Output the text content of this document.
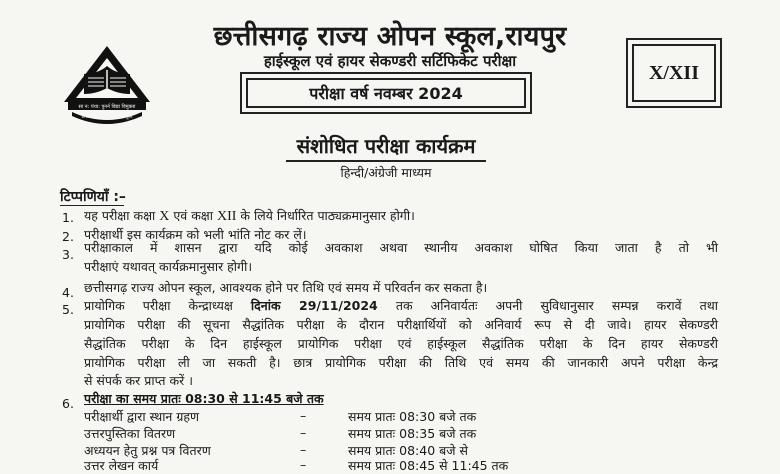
सा न: पंथा: पुनर्न विद्या विमुक्ता
छत्तीसगढ़ राज्य ओपन स्कूल
छत्तीसगढ़ राज्य ओपन स्कूल,रायपुर
हाईस्कूल एवं हायर सेकण्डरी सर्टिफिकेट परीक्षा
परीक्षा वर्ष नवम्बर 2024
X/XII
संशोधित परीक्षा कार्यक्रम
हिन्दी/अंग्रेजी माध्यम
टिप्पणियाँ :–
1. यह परीक्षा कक्षा X एवं कक्षा XII के लिये निर्धारित पाठ्यक्रमानुसार होगी।
2. परीक्षार्थी इस कार्यक्रम को भली भांति नोट कर लें।
3. परीक्षाकाल में शासन द्वारा यदि कोई अवकाश अथवा स्थानीय अवकाश घोषित किया जाता है तो भी
परीक्षाएं यथावत् कार्यक्रमानुसार होगी।
4. छत्तीसगढ़ राज्य ओपन स्कूल, आवश्यक होने पर तिथि एवं समय में परिवर्तन कर सकता है।
5. प्रायोगिक परीक्षा केन्द्राध्यक्ष दिनांक 29/11/2024 तक अनिवार्यतः अपनी सुविधानुसार सम्पन्न करावें तथा
प्रायोगिक परीक्षा की सूचना सैद्धांतिक परीक्षा के दौरान परीक्षार्थियों को अनिवार्य रूप से दी जावे। हायर सेकण्डरी
सैद्धांतिक परीक्षा के दिन हाईस्कूल प्रायोगिक परीक्षा एवं हाईस्कूल सैद्धांतिक परीक्षा के दिन हायर सेकण्डरी
प्रायोगिक परीक्षा ली जा सकती है। छात्र प्रायोगिक परीक्षा की तिथि एवं समय की जानकारी अपने परीक्षा केन्द्र
से संपर्क कर प्राप्त करें ।
6. परीक्षा का समय प्रातः 08:30 से 11:45 बजे तक
परीक्षार्थी द्वारा स्थान ग्रहण	–	समय प्रातः 08:30 बजे तक
उत्तरपुस्तिका वितरण	–	समय प्रातः 08:35 बजे तक
अध्ययन हेतु प्रश्न पत्र वितरण	–	समय प्रातः 08:40 बजे से
उत्तर लेखन कार्य	–	समय प्रातः 08:45 से 11:45 तक
